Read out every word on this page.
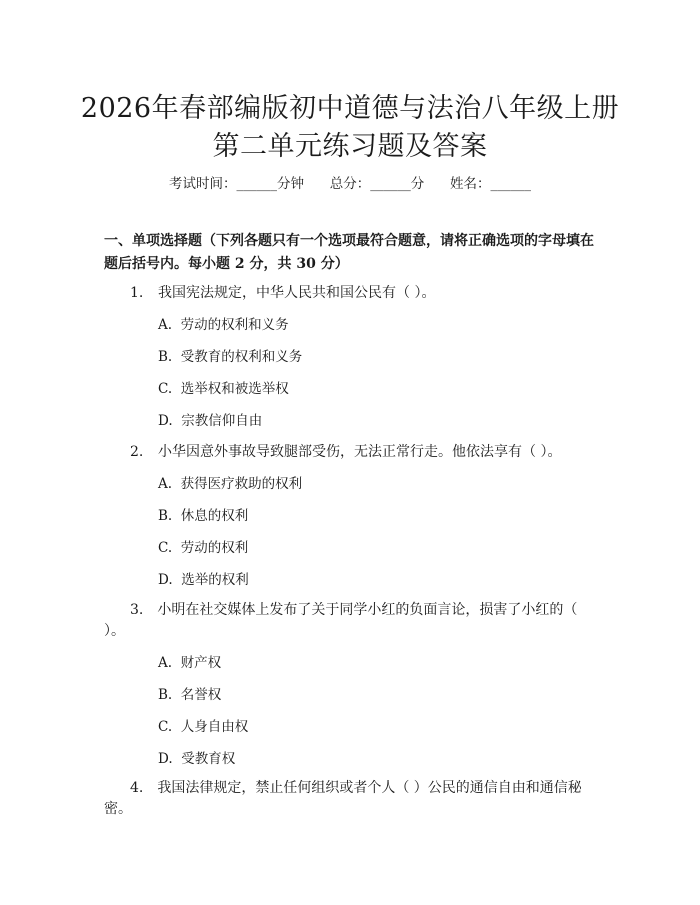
2026年春部编版初中道德与法治八年级上册
第二单元练习题及答案
考试时间：______分钟      总分：______分      姓名：______
一、单项选择题（下列各题只有一个选项最符合题意，请将正确选项的字母填在题后括号内。每小题 2 分，共 30 分）
1. 我国宪法规定，中华人民共和国公民有（ ）。
A.  劳动的权利和义务
B.  受教育的权利和义务
C.  选举权和被选举权
D.  宗教信仰自由
2. 小华因意外事故导致腿部受伤，无法正常行走。他依法享有（ ）。
A.  获得医疗救助的权利
B.  休息的权利
C.  劳动的权利
D.  选举的权利
3.  小明在社交媒体上发布了关于同学小红的负面言论，损害了小红的（ ）。
A.  财产权
B.  名誉权
C.  人身自由权
D.  受教育权
4.  我国法律规定，禁止任何组织或者个人（ ）公民的通信自由和通信秘密。
